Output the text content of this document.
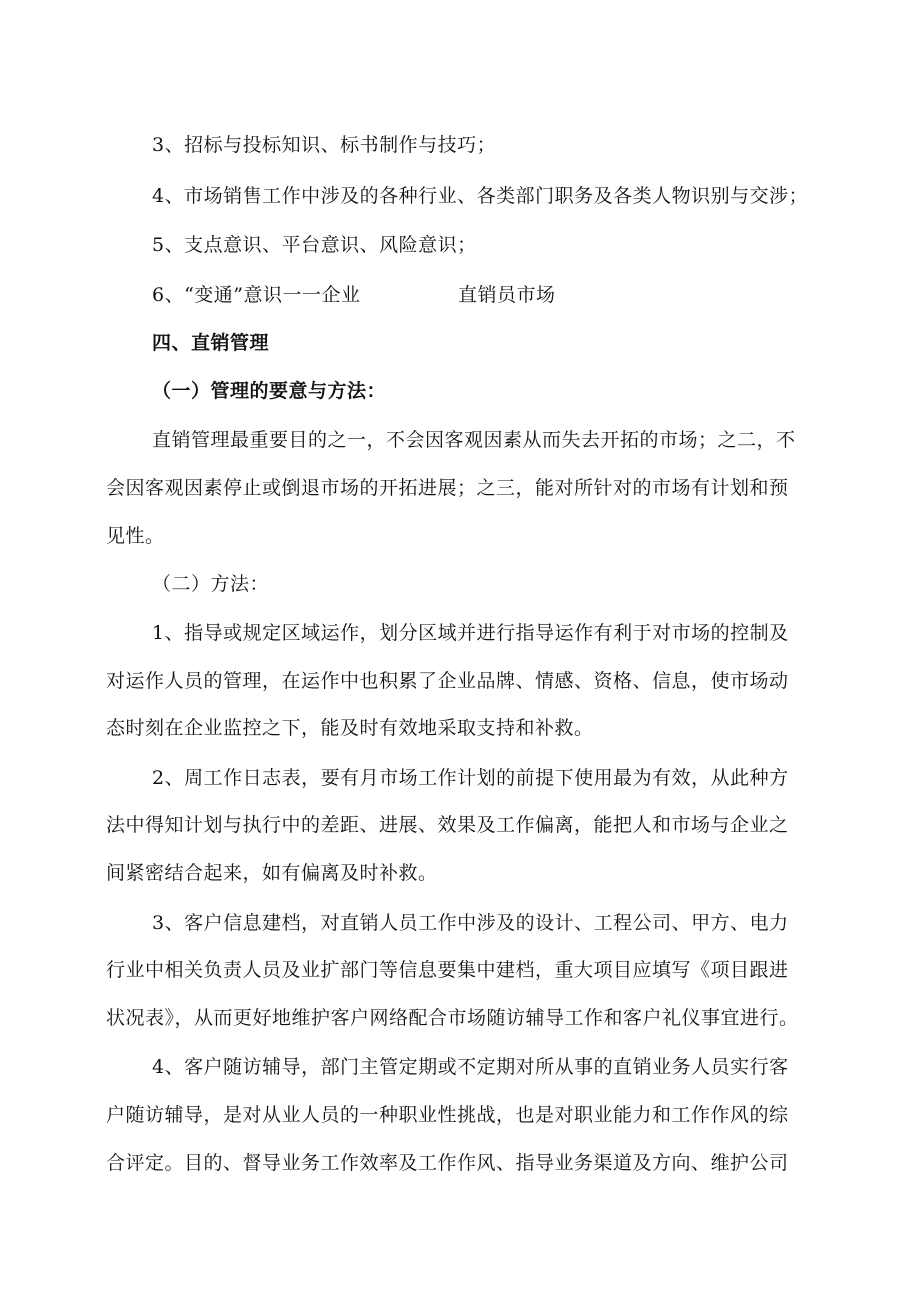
3、招标与投标知识、标书制作与技巧；
4、市场销售工作中涉及的各种行业、各类部门职务及各类人物识别与交涉；
5、支点意识、平台意识、风险意识；
6、“变通”意识一一企业	直销员市场
四、直销管理
（一）管理的要意与方法：
直销管理最重要目的之一，不会因客观因素从而失去开拓的市场；之二，不
会因客观因素停止或倒退市场的开拓进展；之三，能对所针对的市场有计划和预
见性。
（二）方法：
1、指导或规定区域运作，划分区域并进行指导运作有利于对市场的控制及
对运作人员的管理，在运作中也积累了企业品牌、情感、资格、信息，使市场动
态时刻在企业监控之下，能及时有效地采取支持和补救。
2、周工作日志表，要有月市场工作计划的前提下使用最为有效，从此种方
法中得知计划与执行中的差距、进展、效果及工作偏离，能把人和市场与企业之
间紧密结合起来，如有偏离及时补救。
3、客户信息建档，对直销人员工作中涉及的设计、工程公司、甲方、电力
行业中相关负责人员及业扩部门等信息要集中建档，重大项目应填写《项目跟进
状况表》，从而更好地维护客户网络配合市场随访辅导工作和客户礼仪事宜进行。
4、客户随访辅导，部门主管定期或不定期对所从事的直销业务人员实行客
户随访辅导，是对从业人员的一种职业性挑战，也是对职业能力和工作作风的综
合评定。目的、督导业务工作效率及工作作风、指导业务渠道及方向、维护公司
